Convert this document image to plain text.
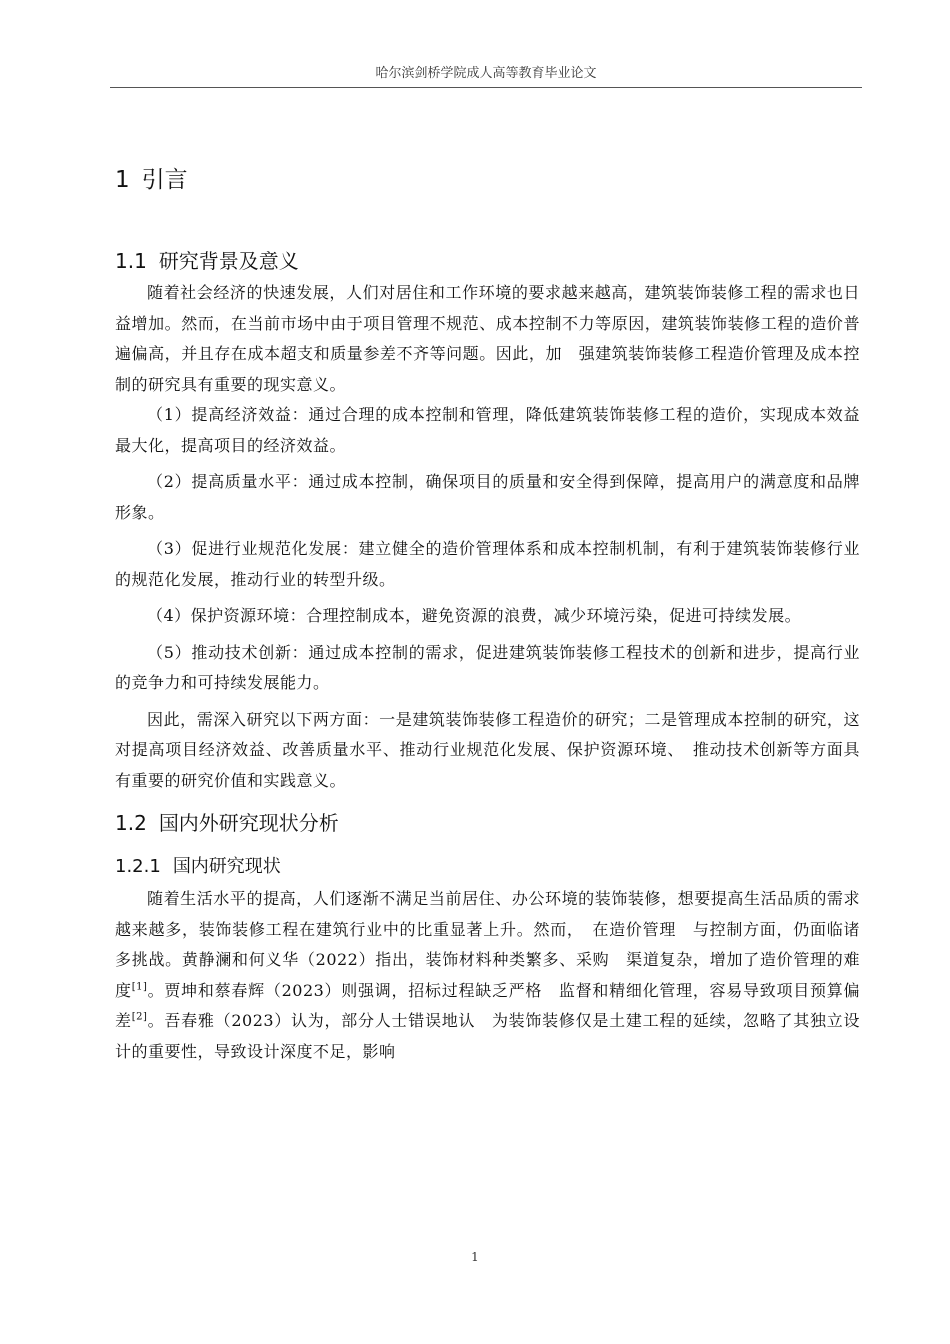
哈尔滨剑桥学院成人高等教育毕业论文
1 引言
1.1 研究背景及意义

随着社会经济的快速发展，人们对居住和工作环境的要求越来越高，建筑装饰装修工程的需求也日益增加。然而，在当前市场中由于项目管理不规范、成本控制不力等原因，建筑装饰装修工程的造价普遍偏高，并且存在成本超支和质量参差不齐等问题。因此，加　强建筑装饰装修工程造价管理及成本控制的研究具有重要的现实意义。

（1）提高经济效益：通过合理的成本控制和管理，降低建筑装饰装修工程的造价，实现成本效益最大化，提高项目的经济效益。

（2）提高质量水平：通过成本控制，确保项目的质量和安全得到保障，提高用户的满意度和品牌形象。

（3）促进行业规范化发展：建立健全的造价管理体系和成本控制机制，有利于建筑装饰装修行业的规范化发展，推动行业的转型升级。

（4）保护资源环境：合理控制成本，避免资源的浪费，减少环境污染，促进可持续发展。

（5）推动技术创新：通过成本控制的需求，促进建筑装饰装修工程技术的创新和进步，提高行业的竞争力和可持续发展能力。

因此，需深入研究以下两方面：一是建筑装饰装修工程造价的研究；二是管理成本控制的研究，这对提高项目经济效益、改善质量水平、推动行业规范化发展、保护资源环境、　推动技术创新等方面具有重要的研究价值和实践意义。

1.2 国内外研究现状分析
1.2.1 国内研究现状

随着生活水平的提高，人们逐渐不满足当前居住、办公环境的装饰装修，想要提高生活品质的需求越来越多，装饰装修工程在建筑行业中的比重显著上升。然而，　在造价管理　与控制方面，仍面临诸多挑战。黄静澜和何义华（2022）指出，装饰材料种类繁多、采购　渠道复杂，增加了造价管理的难度[1]。贾坤和蔡春辉（2023）则强调，招标过程缺乏严格　监督和精细化管理，容易导致项目预算偏差[2]。吾春雅（2023）认为，部分人士错误地认　为装饰装修仅是土建工程的延续，忽略了其独立设计的重要性，导致设计深度不足，影响

1
